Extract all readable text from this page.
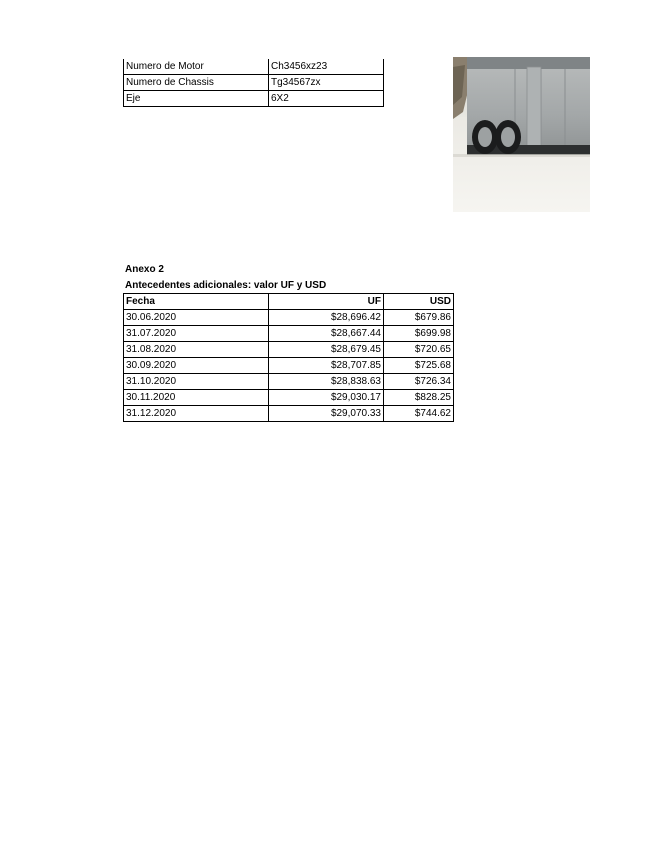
Numero de Motor	Ch3456xz23
Numero de Chassis	Tg34567zx
Eje	6X2
Anexo 2
Antecedentes adicionales: valor UF y USD
Fecha	UF	USD
30.06.2020	$28,696.42	$679.86
31.07.2020	$28,667.44	$699.98
31.08.2020	$28,679.45	$720.65
30.09.2020	$28,707.85	$725.68
31.10.2020	$28,838.63	$726.34
30.11.2020	$29,030.17	$828.25
31.12.2020	$29,070.33	$744.62
